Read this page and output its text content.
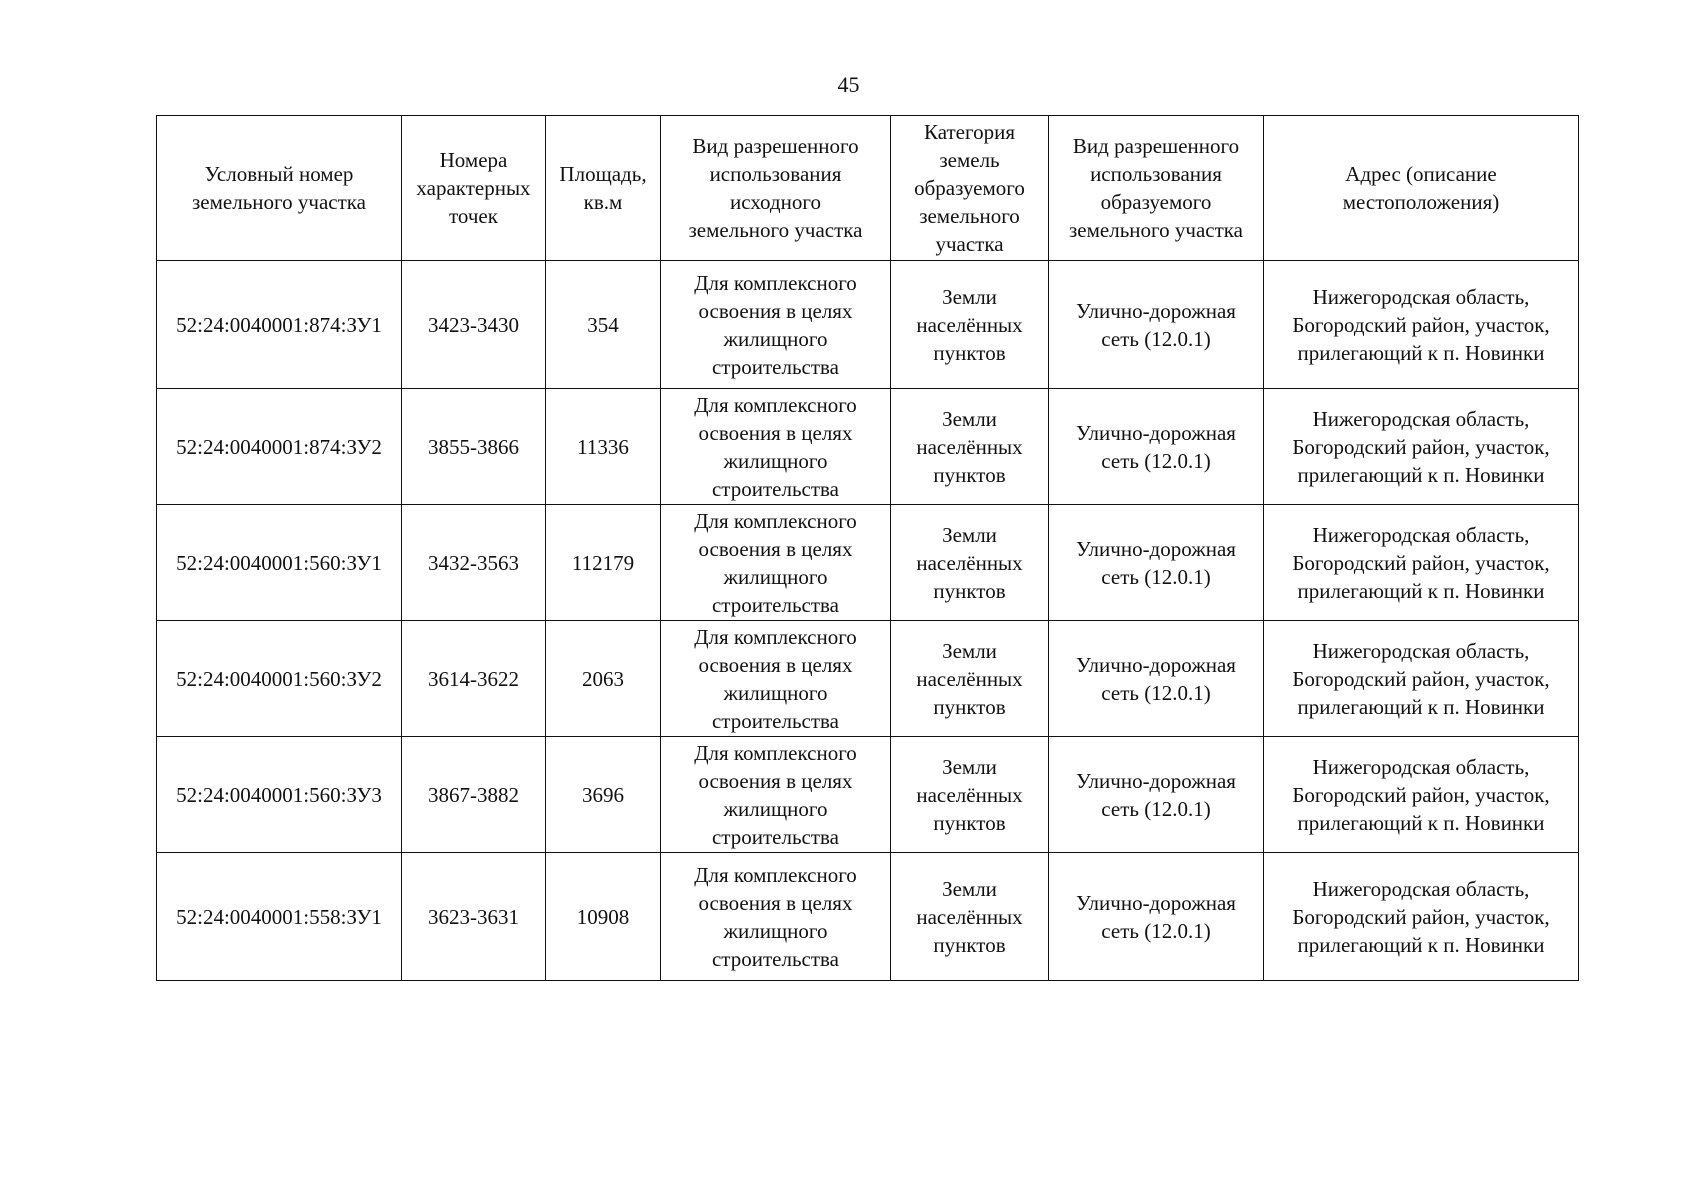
45
Условный номер
земельного участка	Номера
характерных
точек	Площадь,
кв.м	Вид разрешенного
использования
исходного
земельного участка	Категория
земель
образуемого
земельного
участка	Вид разрешенного
использования
образуемого
земельного участка	Адрес (описание
местоположения)

52:24:0040001:874:ЗУ1	3423-3430	354	Для комплексного
освоения в целях
жилищного
строительства	Земли
населённых
пунктов	Улично-дорожная
сеть (12.0.1)	Нижегородская область,
Богородский район, участок,
прилегающий к п. Новинки

52:24:0040001:874:ЗУ2	3855-3866	11336	Для комплексного
освоения в целях
жилищного
строительства	Земли
населённых
пунктов	Улично-дорожная
сеть (12.0.1)	Нижегородская область,
Богородский район, участок,
прилегающий к п. Новинки

52:24:0040001:560:ЗУ1	3432-3563	112179	Для комплексного
освоения в целях
жилищного
строительства	Земли
населённых
пунктов	Улично-дорожная
сеть (12.0.1)	Нижегородская область,
Богородский район, участок,
прилегающий к п. Новинки

52:24:0040001:560:ЗУ2	3614-3622	2063	Для комплексного
освоения в целях
жилищного
строительства	Земли
населённых
пунктов	Улично-дорожная
сеть (12.0.1)	Нижегородская область,
Богородский район, участок,
прилегающий к п. Новинки

52:24:0040001:560:ЗУ3	3867-3882	3696	Для комплексного
освоения в целях
жилищного
строительства	Земли
населённых
пунктов	Улично-дорожная
сеть (12.0.1)	Нижегородская область,
Богородский район, участок,
прилегающий к п. Новинки

52:24:0040001:558:ЗУ1	3623-3631	10908	Для комплексного
освоения в целях
жилищного
строительства	Земли
населённых
пунктов	Улично-дорожная
сеть (12.0.1)	Нижегородская область,
Богородский район, участок,
прилегающий к п. Новинки
